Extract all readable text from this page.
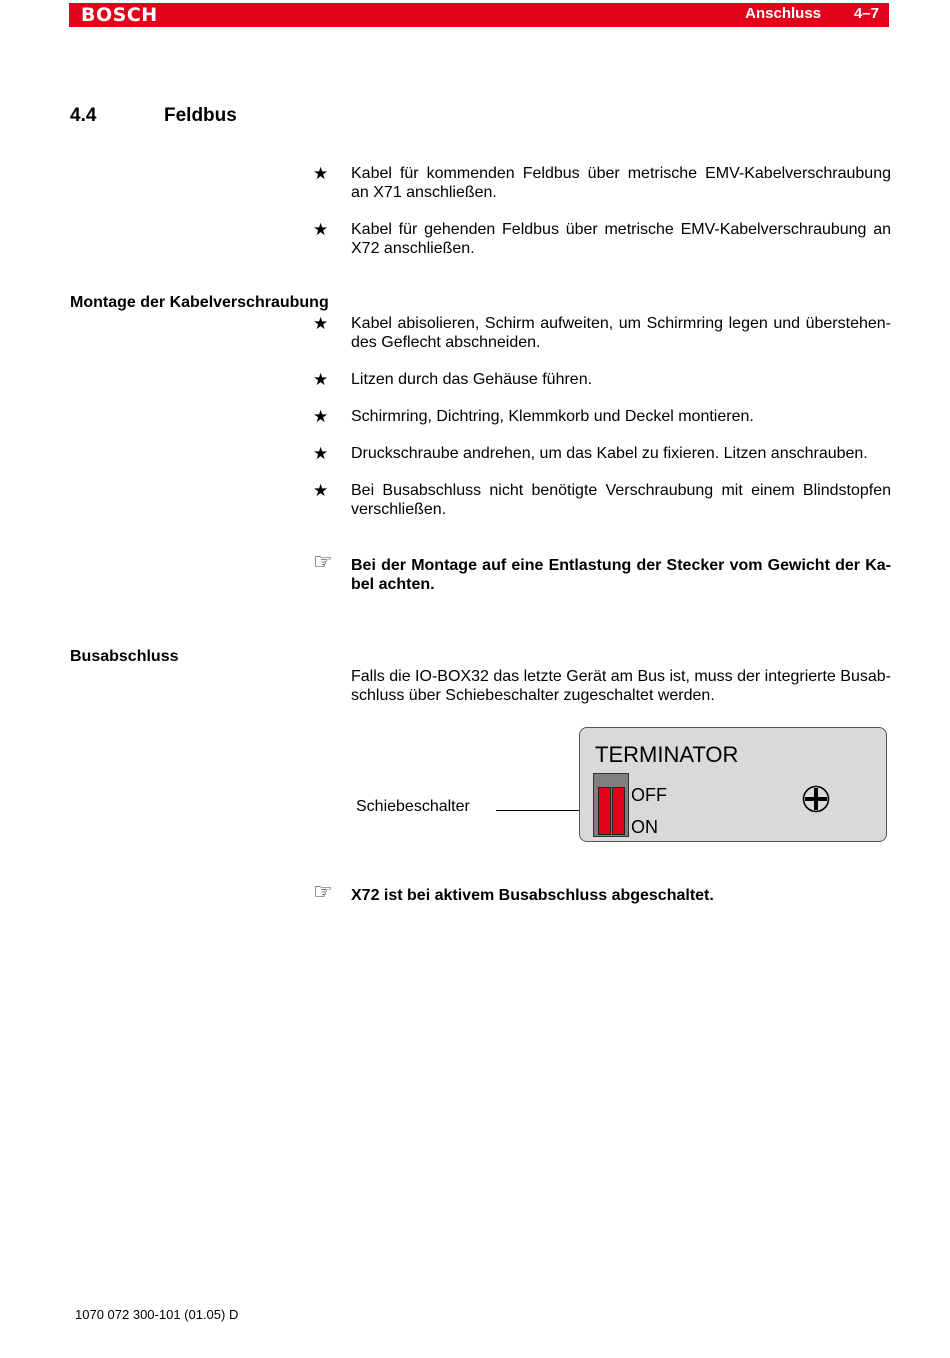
BOSCH	Anschluss 4–7
4.4	Feldbus
★ Kabel für kommenden Feldbus über metrische EMV-Kabelverschraubung an X71 anschließen.
★ Kabel für gehenden Feldbus über metrische EMV-Kabelverschraubung an X72 anschließen.
Montage der Kabelverschraubung
★ Kabel abisolieren, Schirm aufweiten, um Schirmring legen und überstehen-des Geflecht abschneiden.
★ Litzen durch das Gehäuse führen.
★ Schirmring, Dichtring, Klemmkorb und Deckel montieren.
★ Druckschraube andrehen, um das Kabel zu fixieren. Litzen anschrauben.
★ Bei Busabschluss nicht benötigte Verschraubung mit einem Blindstopfen verschließen.
☞ Bei der Montage auf eine Entlastung der Stecker vom Gewicht der Ka-bel achten.
Busabschluss
Falls die IO-BOX32 das letzte Gerät am Bus ist, muss der integrierte Busab-schluss über Schiebeschalter zugeschaltet werden.
Schiebeschalter
TERMINATOR
OFF
ON
☞ X72 ist bei aktivem Busabschluss abgeschaltet.
1070 072 300-101 (01.05) D
